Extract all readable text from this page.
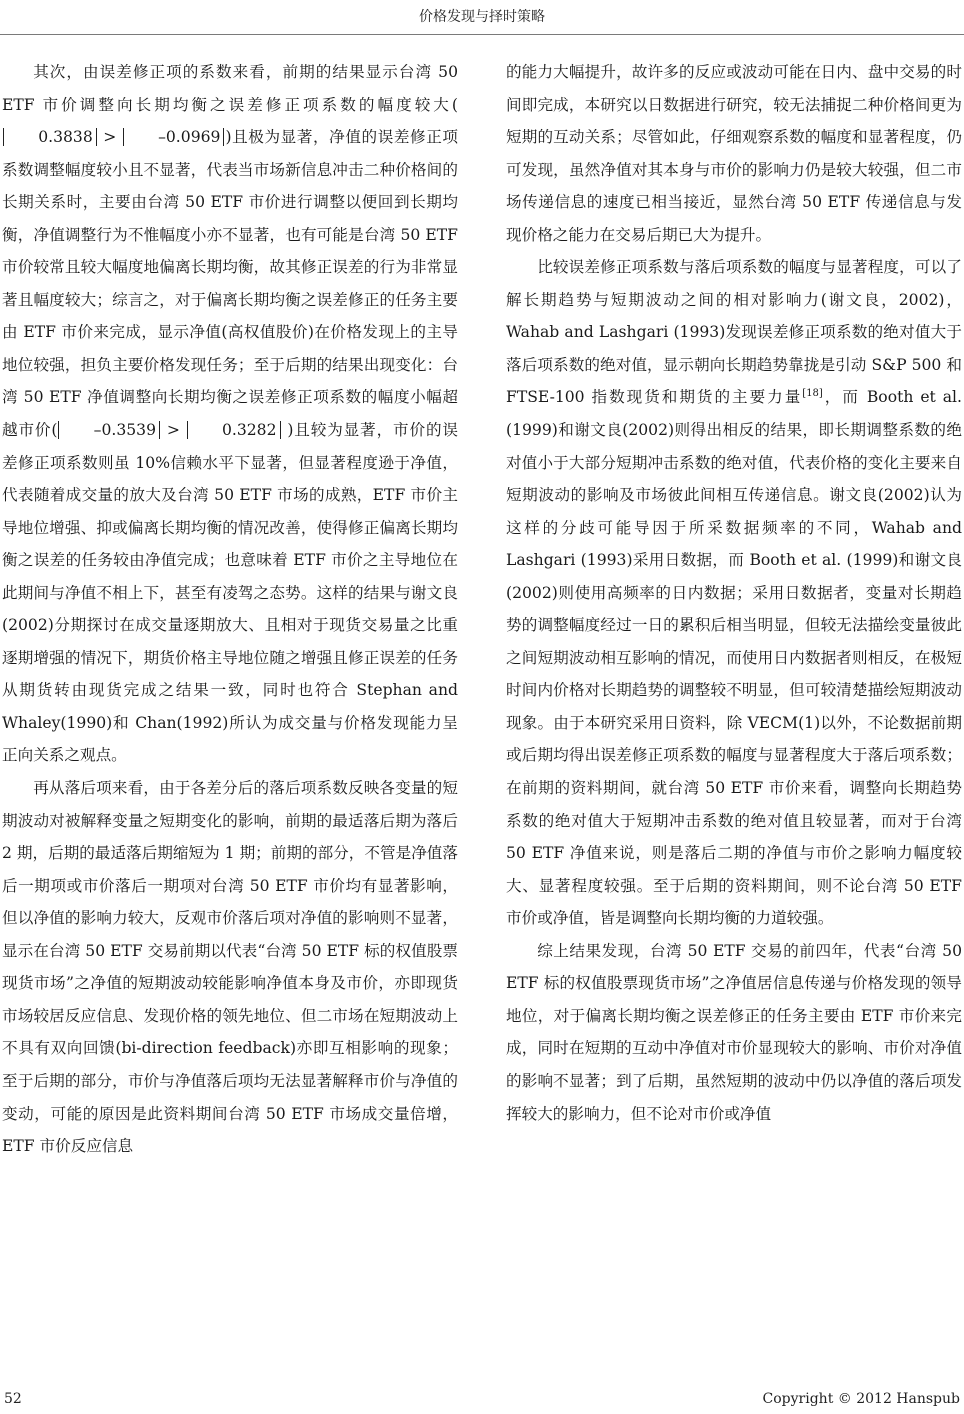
价格发现与择时策略

其次，由误差修正项的系数来看，前期的结果显示台湾 50 ETF 市价调整向长期均衡之误差修正项系数的幅度较大(0.3838 > –0.0969 )且极为显著，净值的误差修正项系数调整幅度较小且不显著，代表当市场新信息冲击二种价格间的长期关系时，主要由台湾 50 ETF 市价进行调整以便回到长期均衡，净值调整行为不惟幅度小亦不显著，也有可能是台湾 50 ETF 市价较常且较大幅度地偏离长期均衡，故其修正误差的行为非常显著且幅度较大；综言之，对于偏离长期均衡之误差修正的任务主要由 ETF 市价来完成，显示净值(高权值股价)在价格发现上的主导地位较强，担负主要价格发现任务；至于后期的结果出现变化：台湾 50 ETF 净值调整向长期均衡之误差修正项系数的幅度小幅超越市价( –0.3539 > 0.3282 )且较为显著，市价的误差修正项系数则虽 10%信赖水平下显著，但显著程度逊于净值，代表随着成交量的放大及台湾 50 ETF 市场的成熟，ETF 市价主导地位增强、抑或偏离长期均衡的情况改善，使得修正偏离长期均衡之误差的任务较由净值完成；也意味着 ETF 市价之主导地位在此期间与净值不相上下，甚至有凌驾之态势。这样的结果与谢文良(2002)分期探讨在成交量逐期放大、且相对于现货交易量之比重逐期增强的情况下，期货价格主导地位随之增强且修正误差的任务从期货转由现货完成之结果一致，同时也符合 Stephan and Whaley(1990)和 Chan(1992)所认为成交量与价格发现能力呈正向关系之观点。

再从落后项来看，由于各差分后的落后项系数反映各变量的短期波动对被解释变量之短期变化的影响，前期的最适落后期为落后 2 期，后期的最适落后期缩短为 1 期；前期的部分，不管是净值落后一期项或市价落后一期项对台湾 50 ETF 市价均有显著影响，但以净值的影响力较大，反观市价落后项对净值的影响则不显著，显示在台湾 50 ETF 交易前期以代表“台湾 50 ETF 标的权值股票现货市场”之净值的短期波动较能影响净值本身及市价，亦即现货市场较居反应信息、发现价格的领先地位、但二市场在短期波动上不具有双向回馈(bi-direction feedback)亦即互相影响的现象；至于后期的部分，市价与净值落后项均无法显著解释市价与净值的变动，可能的原因是此资料期间台湾 50 ETF 市场成交量倍增，ETF 市价反应信息

的能力大幅提升，故许多的反应或波动可能在日内、盘中交易的时间即完成，本研究以日数据进行研究，较无法捕捉二种价格间更为短期的互动关系；尽管如此，仔细观察系数的幅度和显著程度，仍可发现，虽然净值对其本身与市价的影响力仍是较大较强，但二市场传递信息的速度已相当接近，显然台湾 50 ETF 传递信息与发现价格之能力在交易后期已大为提升。

比较误差修正项系数与落后项系数的幅度与显著程度，可以了解长期趋势与短期波动之间的相对影响力(谢文良，2002)，Wahab and Lashgari (1993)发现误差修正项系数的绝对值大于落后项系数的绝对值，显示朝向长期趋势靠拢是引动 S&P 500 和 FTSE-100 指数现货和期货的主要力量[18]，而 Booth et al. (1999)和谢文良(2002)则得出相反的结果，即长期调整系数的绝对值小于大部分短期冲击系数的绝对值，代表价格的变化主要来自短期波动的影响及市场彼此间相互传递信息。谢文良(2002)认为这样的分歧可能导因于所采数据频率的不同，Wahab and Lashgari (1993)采用日数据，而 Booth et al. (1999)和谢文良(2002)则使用高频率的日内数据；采用日数据者，变量对长期趋势的调整幅度经过一日的累积后相当明显，但较无法描绘变量彼此之间短期波动相互影响的情况，而使用日内数据者则相反，在极短时间内价格对长期趋势的调整较不明显，但可较清楚描绘短期波动现象。由于本研究采用日资料，除 VECM(1)以外，不论数据前期或后期均得出误差修正项系数的幅度与显著程度大于落后项系数；在前期的资料期间，就台湾 50 ETF 市价来看，调整向长期趋势系数的绝对值大于短期冲击系数的绝对值且较显著，而对于台湾 50 ETF 净值来说，则是落后二期的净值与市价之影响力幅度较大、显著程度较强。至于后期的资料期间，则不论台湾 50 ETF 市价或净值，皆是调整向长期均衡的力道较强。

综上结果发现，台湾 50 ETF 交易的前四年，代表“台湾 50 ETF 标的权值股票现货市场”之净值居信息传递与价格发现的领导地位，对于偏离长期均衡之误差修正的任务主要由 ETF 市价来完成，同时在短期的互动中净值对市价显现较大的影响、市价对净值的影响不显著；到了后期，虽然短期的波动中仍以净值的落后项发挥较大的影响力，但不论对市价或净值

52	Copyright © 2012 Hanspub
